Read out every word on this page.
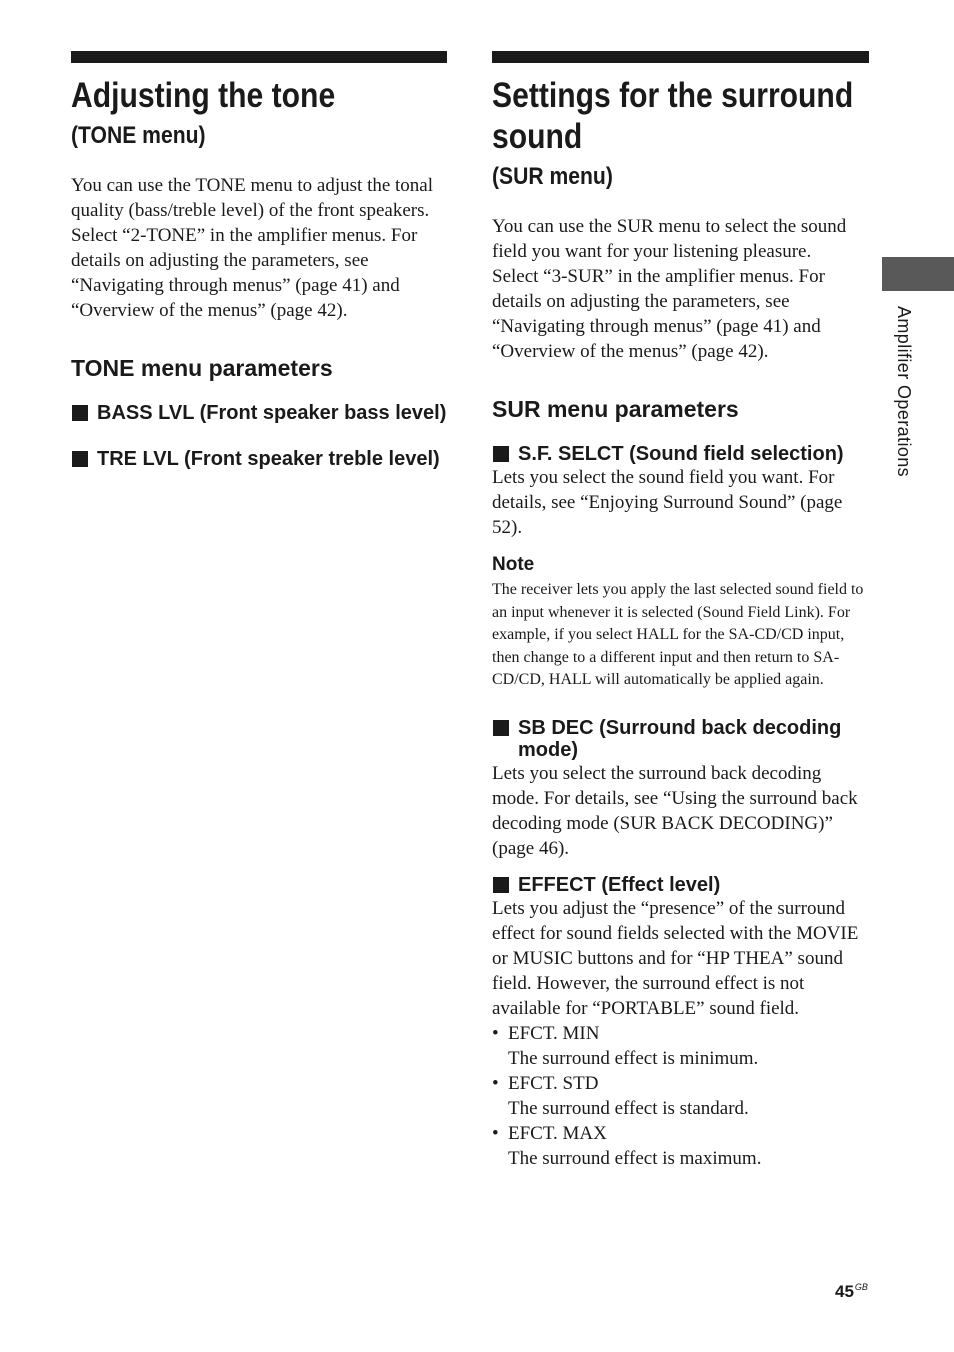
Adjusting the tone
(TONE menu)

You can use the TONE menu to adjust the tonal quality (bass/treble level) of the front speakers.

Select “2-TONE” in the amplifier menus. For details on adjusting the parameters, see “Navigating through menus” (page 41) and “Overview of the menus” (page 42).

TONE menu parameters
BASS LVL (Front speaker bass level)
TRE LVL (Front speaker treble level)
Settings for the surround
sound
(SUR menu)

You can use the SUR menu to select the sound field you want for your listening pleasure.

Select “3-SUR” in the amplifier menus. For details on adjusting the parameters, see “Navigating through menus” (page 41) and “Overview of the menus” (page 42).

SUR menu parameters
S.F. SELCT (Sound field selection)

Lets you select the sound field you want. For details, see “Enjoying Surround Sound” (page 52).

Note

The receiver lets you apply the last selected sound field to an input whenever it is selected (Sound Field Link). For example, if you select HALL for the SA-CD/CD input, then change to a different input and then return to SA-CD/CD, HALL will automatically be applied again.

SB DEC (Surround back decoding mode)

Lets you select the surround back decoding mode. For details, see “Using the surround back decoding mode (SUR BACK DECODING)” (page 46).

EFFECT (Effect level)

Lets you adjust the “presence” of the surround effect for sound fields selected with the MOVIE or MUSIC buttons and for “HP THEA” sound field. However, the surround effect is not available for “PORTABLE” sound field.

• EFCT. MIN
The surround effect is minimum.
• EFCT. STD
The surround effect is standard.
• EFCT. MAX
The surround effect is maximum.
Amplifier Operations
$45^{GB}$
